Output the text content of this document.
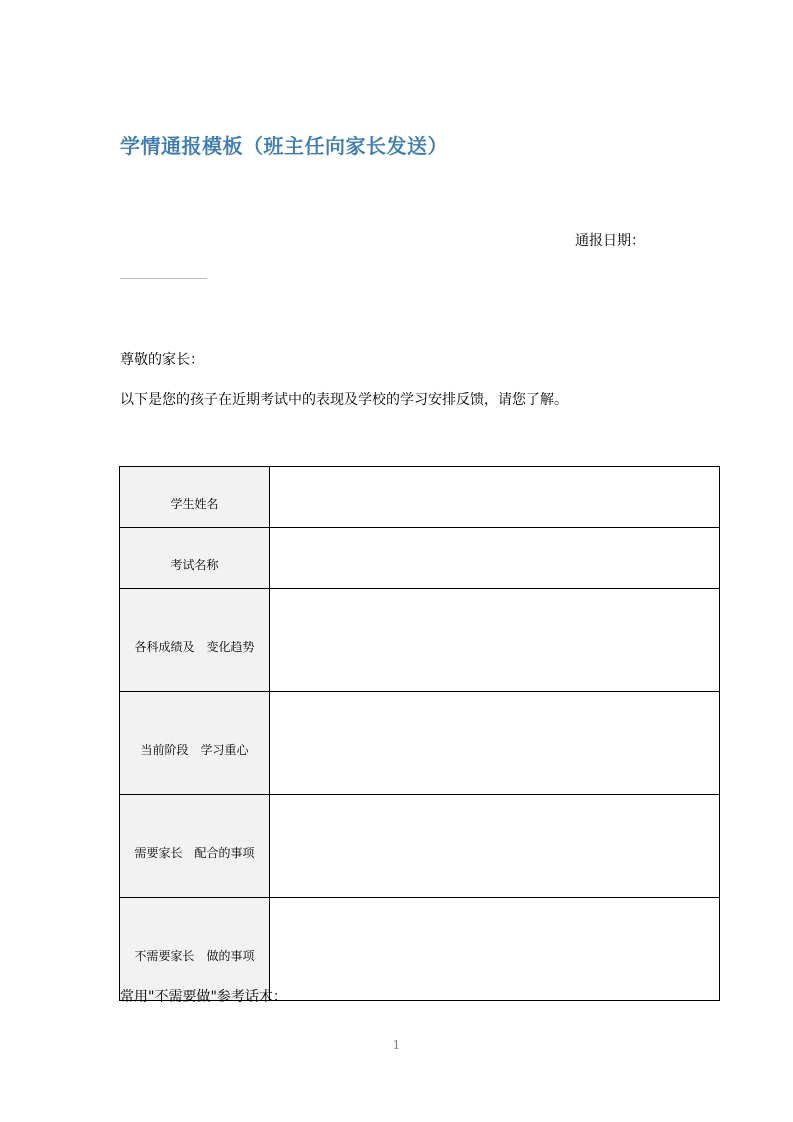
学情通报模板（班主任向家长发送）
通报日期：

尊敬的家长：

以下是您的孩子在近期考试中的表现及学校的学习安排反馈，请您了解。

学生姓名	
考试名称	
各科成绩及　变化趋势	
当前阶段　学习重心	
需要家长　配合的事项	
不需要家长　做的事项	

常用"不需要做"参考话术：

1
